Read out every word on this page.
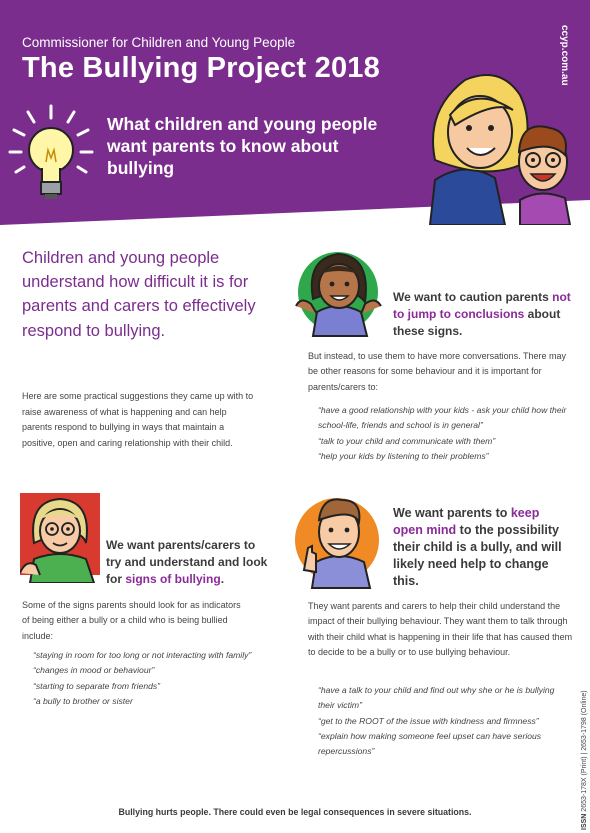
Commissioner for Children and Young People
The Bullying Project 2018
What children and young people want parents to know about bullying
ccyp.com.au
Children and young people understand how difficult it is for parents and carers to effectively respond to bullying.
Here are some practical suggestions they came up with to raise awareness of what is happening and can help parents respond to bullying in ways that maintain a positive, open and caring relationship with their child.
We want to caution parents not to jump to conclusions about these signs.
But instead, to use them to have more conversations. There may be other reasons for some behaviour and it is important for parents/carers to:
“have a good relationship with your kids - ask your child how their school-life, friends and school is in general”
“talk to your child and communicate with them”
“help your kids by listening to their problems”
We want parents/carers to try and understand and look for signs of bullying.
Some of the signs parents should look for as indicators of being either a bully or a child who is being bullied include:
“staying in room for too long or not interacting with family”
“changes in mood or behaviour”
“starting to separate from friends”
“a bully to brother or sister
We want parents to keep open mind to the possibility their child is a bully, and will likely need help to change this.
They want parents and carers to help their child understand the impact of their bullying behaviour. They want them to talk through with their child what is happening in their life that has caused them to decide to be a bully or to use bullying behaviour.
“have a talk to your child and find out why she or he is bullying their victim”
“get to the ROOT of the issue with kindness and firmness”
“explain how making someone feel upset can have serious repercussions”
Bullying hurts people. There could even be legal consequences in severe situations.
ISSN 2653-178X (Print) | 2653-1798 (Online)
